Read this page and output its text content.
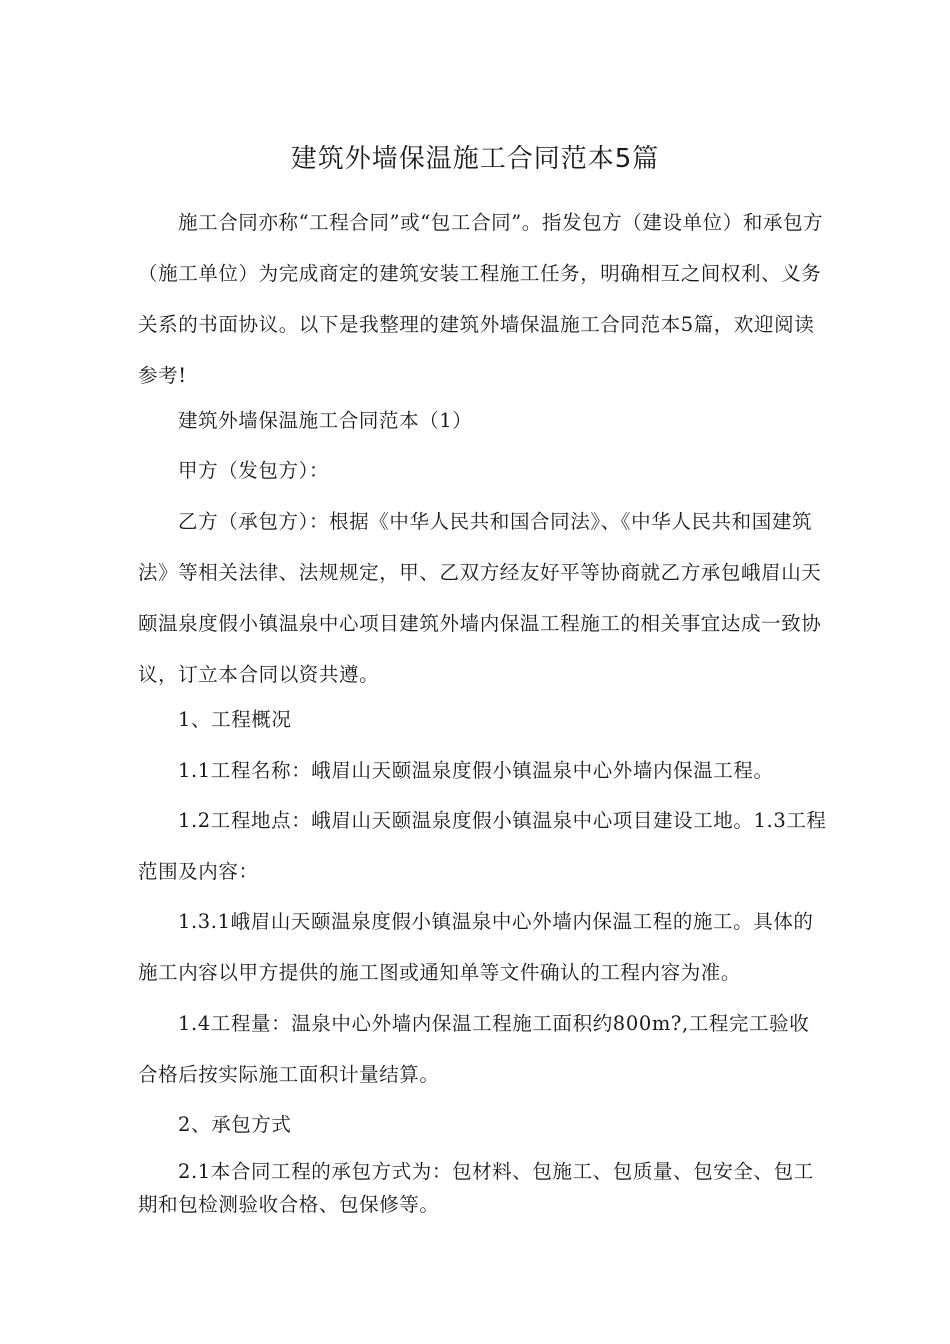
建筑外墙保温施工合同范本5篇

施工合同亦称“工程合同”或“包工合同”。指发包方（建设单位）和承包方（施工单位）为完成商定的建筑安装工程施工任务，明确相互之间权利、义务关系的书面协议。以下是我整理的建筑外墙保温施工合同范本5篇，欢迎阅读参考!

建筑外墙保温施工合同范本（1）

甲方（发包方）：

乙方（承包方）：根据《中华人民共和国合同法》、《中华人民共和国建筑法》等相关法律、法规规定，甲、乙双方经友好平等协商就乙方承包峨眉山天颐温泉度假小镇温泉中心项目建筑外墙内保温工程施工的相关事宜达成一致协议，订立本合同以资共遵。

1、工程概况

1.1工程名称：峨眉山天颐温泉度假小镇温泉中心外墙内保温工程。

1.2工程地点：峨眉山天颐温泉度假小镇温泉中心项目建设工地。1.3工程范围及内容：

1.3.1峨眉山天颐温泉度假小镇温泉中心外墙内保温工程的施工。具体的施工内容以甲方提供的施工图或通知单等文件确认的工程内容为准。

1.4工程量：温泉中心外墙内保温工程施工面积约800m?,工程完工验收合格后按实际施工面积计量结算。

2、承包方式

2.1本合同工程的承包方式为：包材料、包施工、包质量、包安全、包工期和包检测验收合格、包保修等。
